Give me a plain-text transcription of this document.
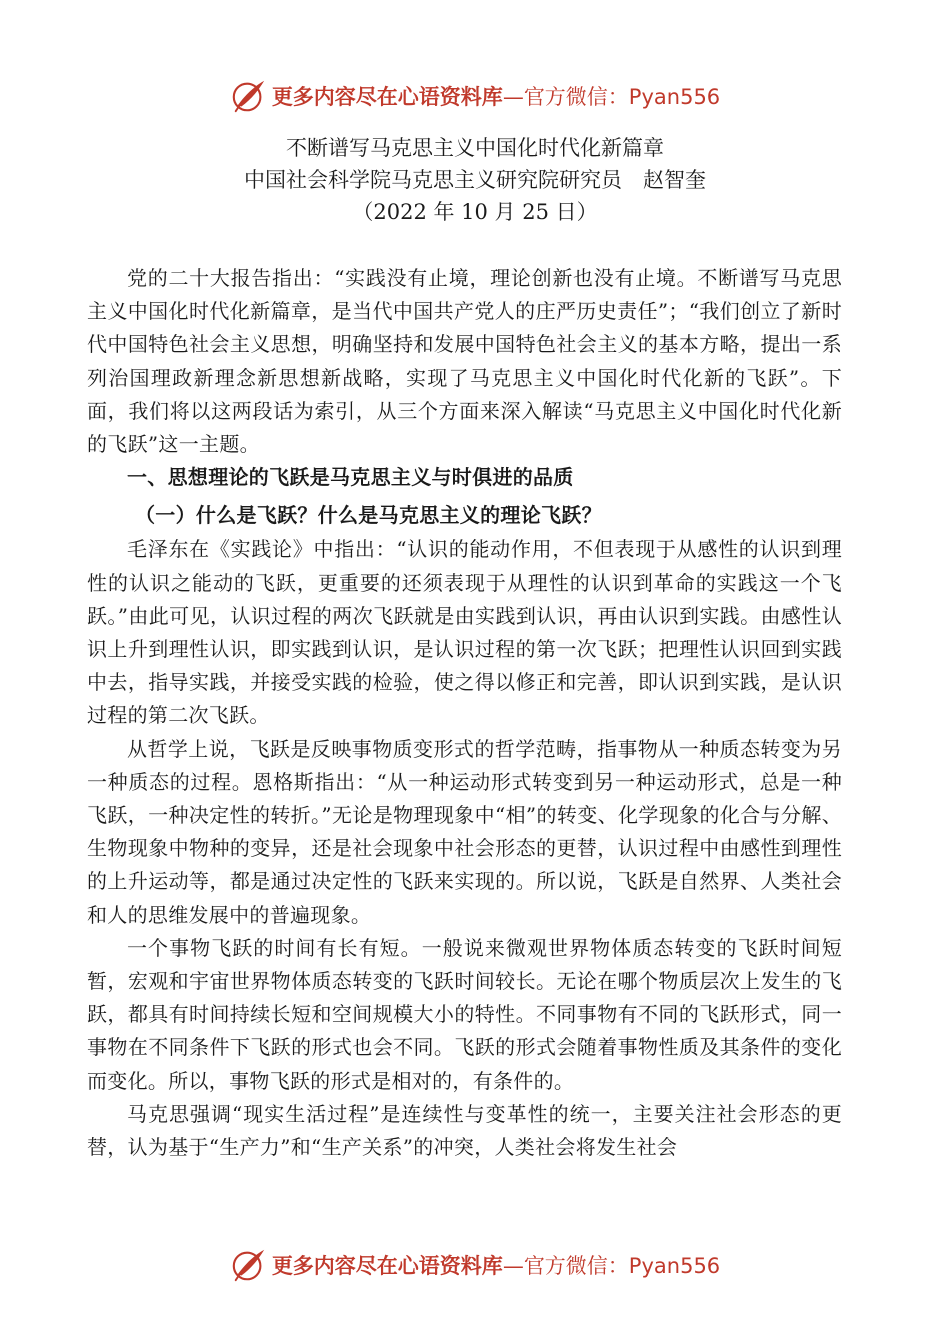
更多内容尽在心语资料库—官方微信：Pyan556
不断谱写马克思主义中国化时代化新篇章
中国社会科学院马克思主义研究院研究员　赵智奎
（2022 年 10 月 25 日）

党的二十大报告指出：“实践没有止境，理论创新也没有止境。不断谱写马克思主义中国化时代化新篇章，是当代中国共产党人的庄严历史责任”；“我们创立了新时代中国特色社会主义思想，明确坚持和发展中国特色社会主义的基本方略，提出一系列治国理政新理念新思想新战略，实现了马克思主义中国化时代化新的飞跃”。下面，我们将以这两段话为索引，从三个方面来深入解读“马克思主义中国化时代化新的飞跃”这一主题。

一、思想理论的飞跃是马克思主义与时俱进的品质
（一）什么是飞跃？什么是马克思主义的理论飞跃？

毛泽东在《实践论》中指出：“认识的能动作用，不但表现于从感性的认识到理性的认识之能动的飞跃，更重要的还须表现于从理性的认识到革命的实践这一个飞跃。”由此可见，认识过程的两次飞跃就是由实践到认识，再由认识到实践。由感性认识上升到理性认识，即实践到认识，是认识过程的第一次飞跃；把理性认识回到实践中去，指导实践，并接受实践的检验，使之得以修正和完善，即认识到实践，是认识过程的第二次飞跃。

从哲学上说，飞跃是反映事物质变形式的哲学范畴，指事物从一种质态转变为另一种质态的过程。恩格斯指出：“从一种运动形式转变到另一种运动形式，总是一种飞跃，一种决定性的转折。”无论是物理现象中“相”的转变、化学现象的化合与分解、生物现象中物种的变异，还是社会现象中社会形态的更替，认识过程中由感性到理性的上升运动等，都是通过决定性的飞跃来实现的。所以说，飞跃是自然界、人类社会和人的思维发展中的普遍现象。

一个事物飞跃的时间有长有短。一般说来微观世界物体质态转变的飞跃时间短暂，宏观和宇宙世界物体质态转变的飞跃时间较长。无论在哪个物质层次上发生的飞跃，都具有时间持续长短和空间规模大小的特性。不同事物有不同的飞跃形式，同一事物在不同条件下飞跃的形式也会不同。飞跃的形式会随着事物性质及其条件的变化而变化。所以，事物飞跃的形式是相对的，有条件的。

马克思强调“现实生活过程”是连续性与变革性的统一，主要关注社会形态的更替，认为基于“生产力”和“生产关系”的冲突，人类社会将发生社会

更多内容尽在心语资料库—官方微信：Pyan556
